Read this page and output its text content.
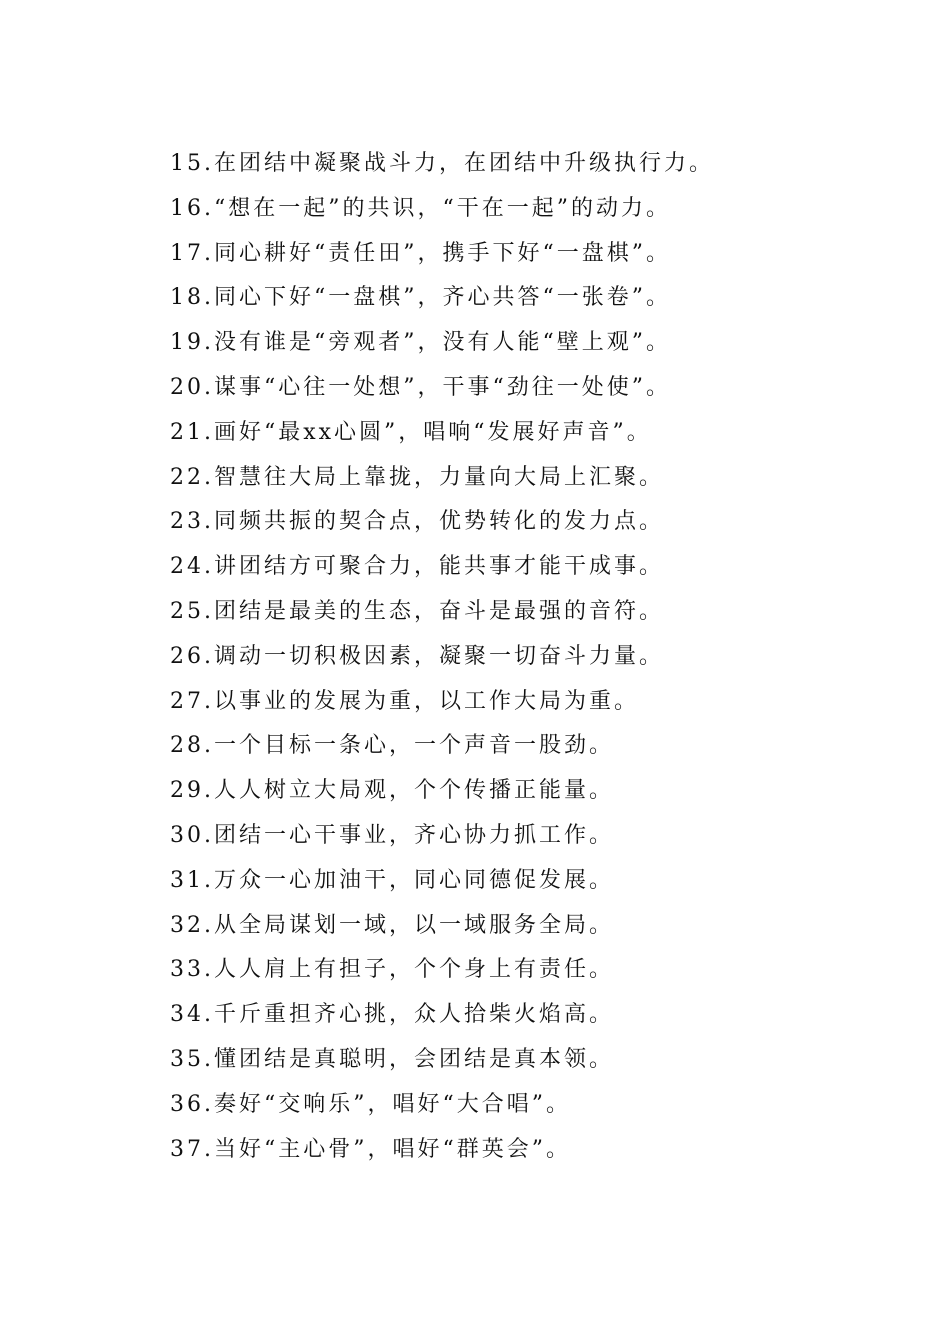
15.在团结中凝聚战斗力，在团结中升级执行力。
16.“想在一起”的共识，“干在一起”的动力。
17.同心耕好“责任田”，携手下好“一盘棋”。
18.同心下好“一盘棋”，齐心共答“一张卷”。
19.没有谁是“旁观者”，没有人能“壁上观”。
20.谋事“心往一处想”，干事“劲往一处使”。
21.画好“最xx心圆”，唱响“发展好声音”。
22.智慧往大局上靠拢，力量向大局上汇聚。
23.同频共振的契合点，优势转化的发力点。
24.讲团结方可聚合力，能共事才能干成事。
25.团结是最美的生态，奋斗是最强的音符。
26.调动一切积极因素，凝聚一切奋斗力量。
27.以事业的发展为重，以工作大局为重。
28.一个目标一条心，一个声音一股劲。
29.人人树立大局观，个个传播正能量。
30.团结一心干事业，齐心协力抓工作。
31.万众一心加油干，同心同德促发展。
32.从全局谋划一域，以一域服务全局。
33.人人肩上有担子，个个身上有责任。
34.千斤重担齐心挑，众人拾柴火焰高。
35.懂团结是真聪明，会团结是真本领。
36.奏好“交响乐”，唱好“大合唱”。
37.当好“主心骨”，唱好“群英会”。
